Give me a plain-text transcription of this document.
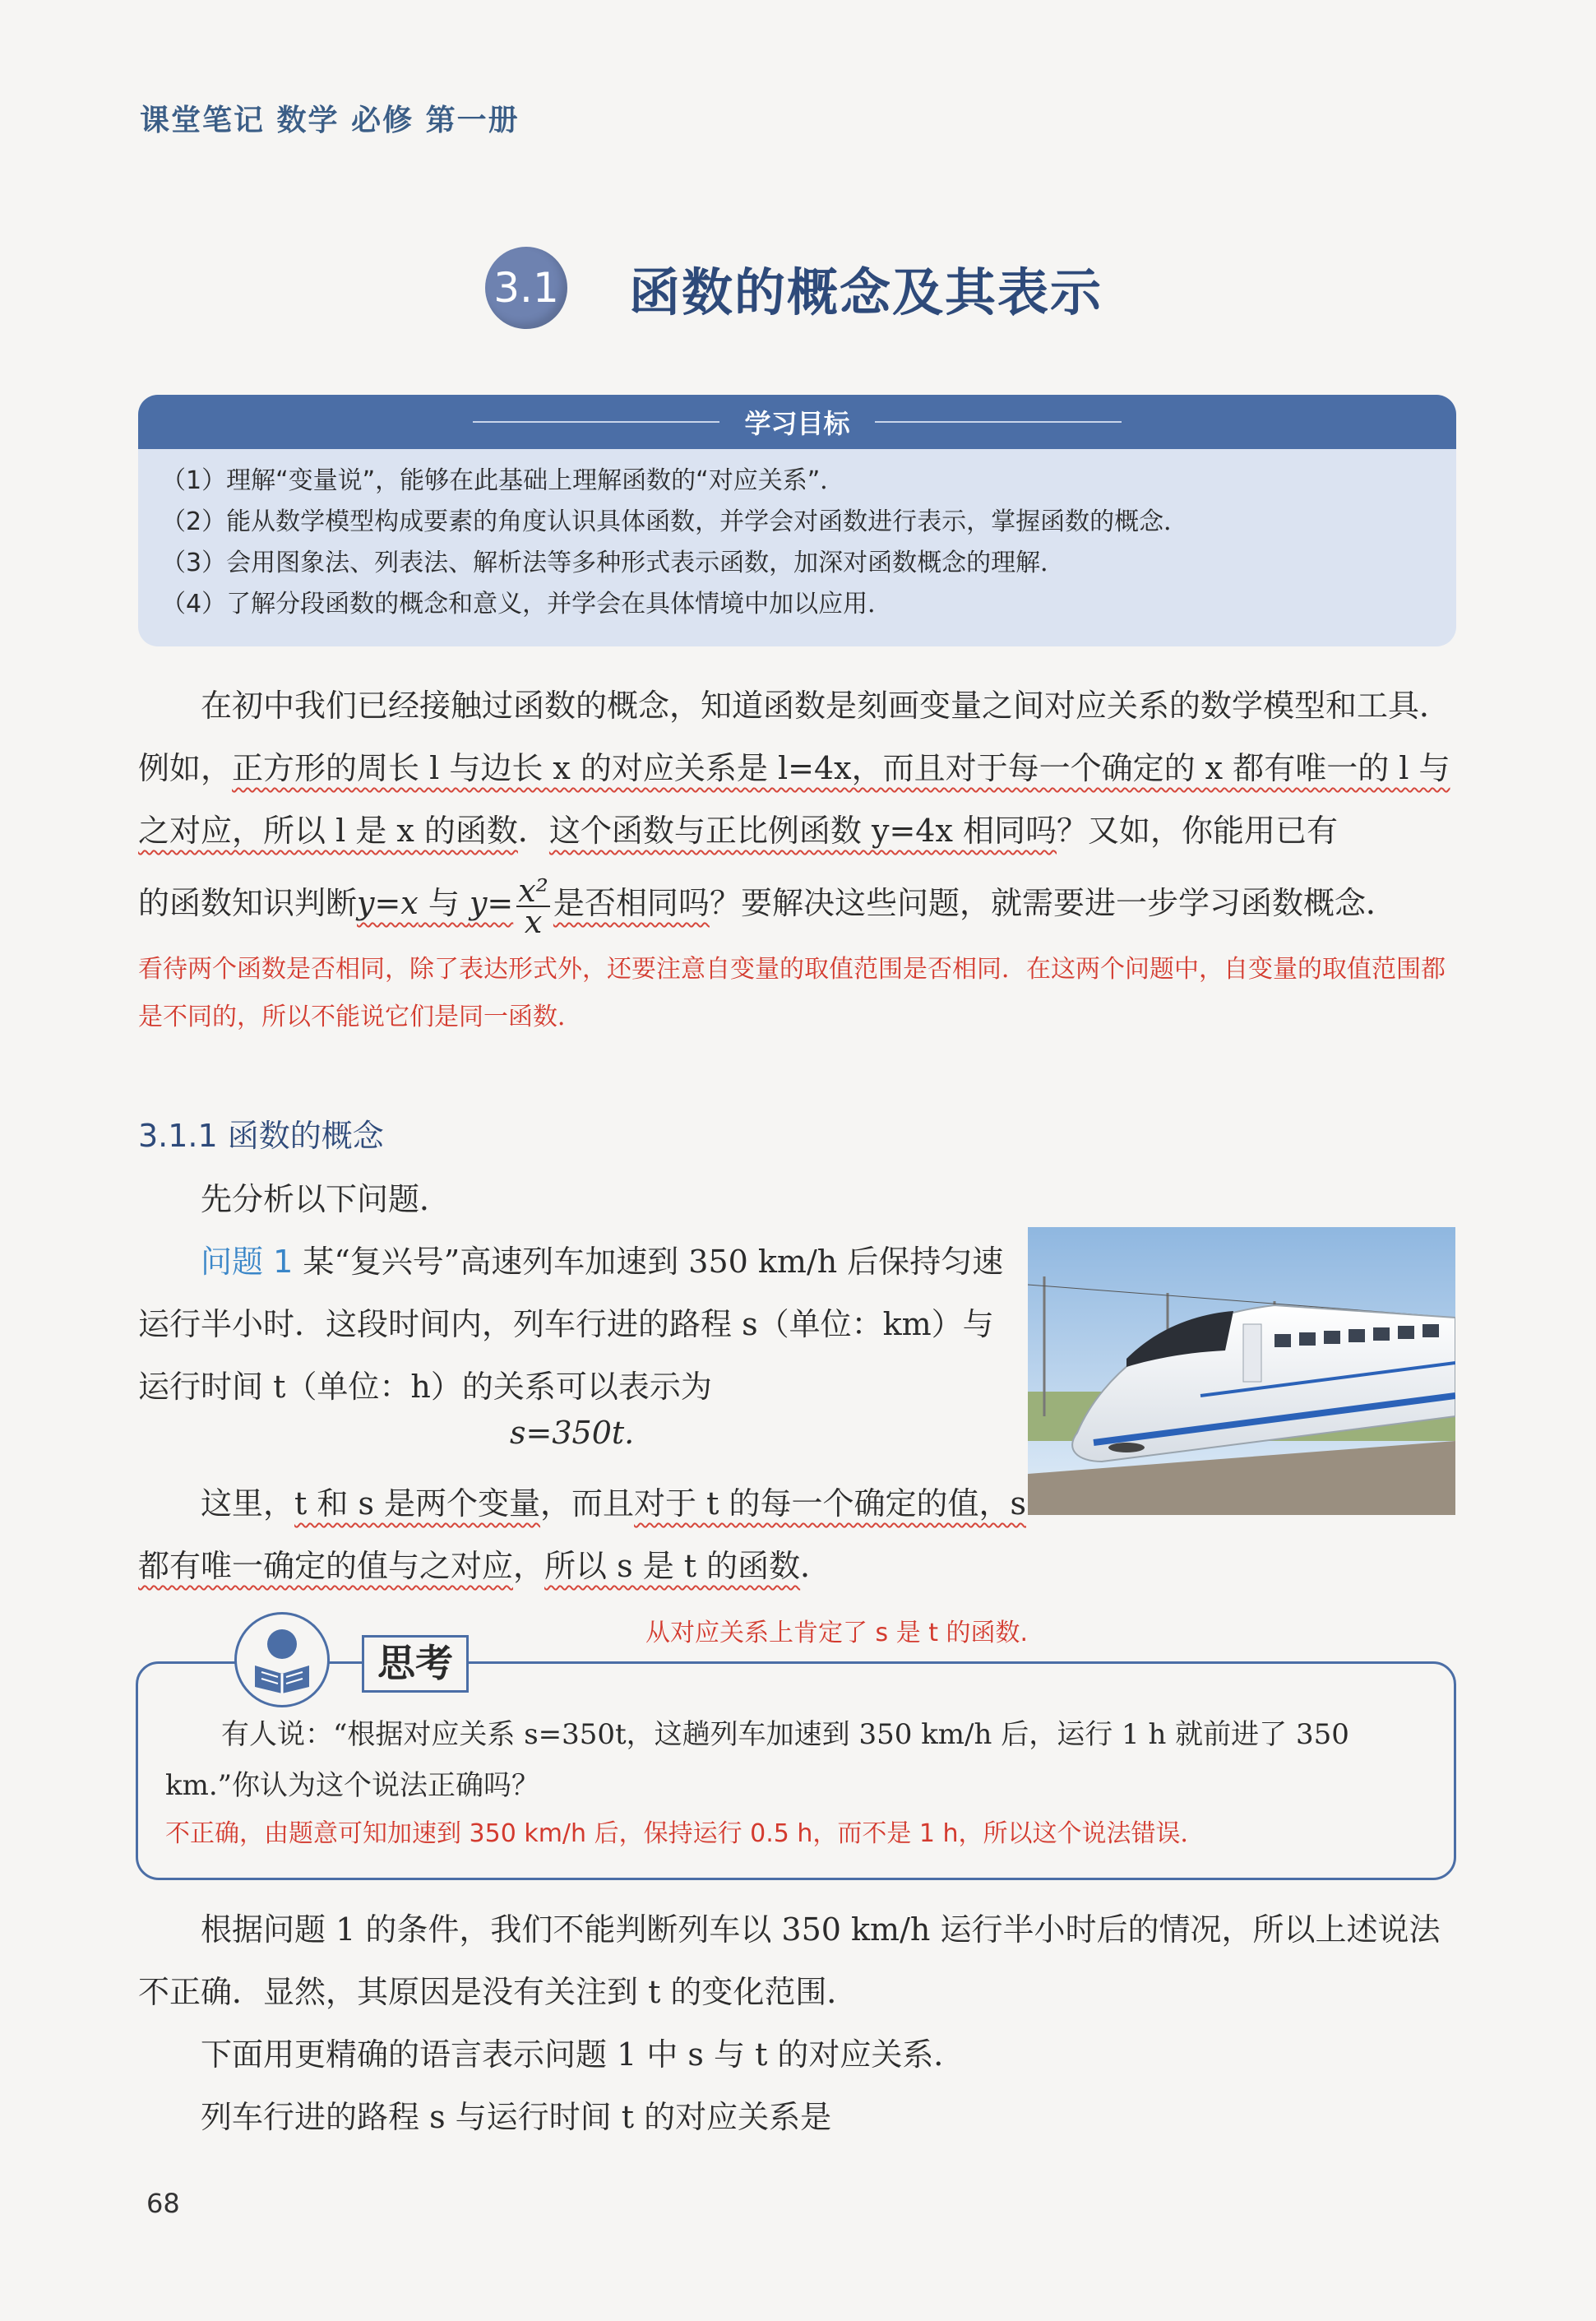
课堂笔记 数学 必修 第一册
3.1 函数的概念及其表示
学习目标
（1）理解“变量说”，能够在此基础上理解函数的“对应关系”．
（2）能从数学模型构成要素的角度认识具体函数，并学会对函数进行表示，掌握函数的概念．
（3）会用图象法、列表法、解析法等多种形式表示函数，加深对函数概念的理解．
（4）了解分段函数的概念和意义，并学会在具体情境中加以应用．
在初中我们已经接触过函数的概念，知道函数是刻画变量之间对应关系的数学模型和工具．例如，正方形的周长 l 与边长 x 的对应关系是 l=4x，而且对于每一个确定的 x 都有唯一的 l 与之对应，所以 l 是 x 的函数．这个函数与正比例函数 y=4x 相同吗？又如，你能用已有
的函数知识判断y=x 与 $y= \frac{\text{x²}}{x}$ 是否相同吗？要解决这些问题，就需要进一步学习函数概念．
看待两个函数是否相同，除了表达形式外，还要注意自变量的取值范围是否相同．在这两个问题中，自变量的取值范围都是不同的，所以不能说它们是同一函数．
3.1.1 函数的概念
先分析以下问题．
问题 1 某“复兴号”高速列车加速到 350 km/h 后保持匀速运行半小时．这段时间内，列车行进的路程 s（单位：km）与运行时间 t（单位：h）的关系可以表示为
s=350t.
这里，t 和 s 是两个变量，而且对于 t 的每一个确定的值，s 都有唯一确定的值与之对应，所以 s 是 t 的函数．
思考
从对应关系上肯定了 s 是 t 的函数.
有人说：“根据对应关系 s=350t，这趟列车加速到 350 km/h 后，运行 1 h 就前进了 350 km.”你认为这个说法正确吗？
不正确，由题意可知加速到 350 km/h 后，保持运行 0.5 h，而不是 1 h，所以这个说法错误．
根据问题 1 的条件，我们不能判断列车以 350 km/h 运行半小时后的情况，所以上述说法不正确．显然，其原因是没有关注到 t 的变化范围．
下面用更精确的语言表示问题 1 中 s 与 t 的对应关系．
列车行进的路程 s 与运行时间 t 的对应关系是
68
